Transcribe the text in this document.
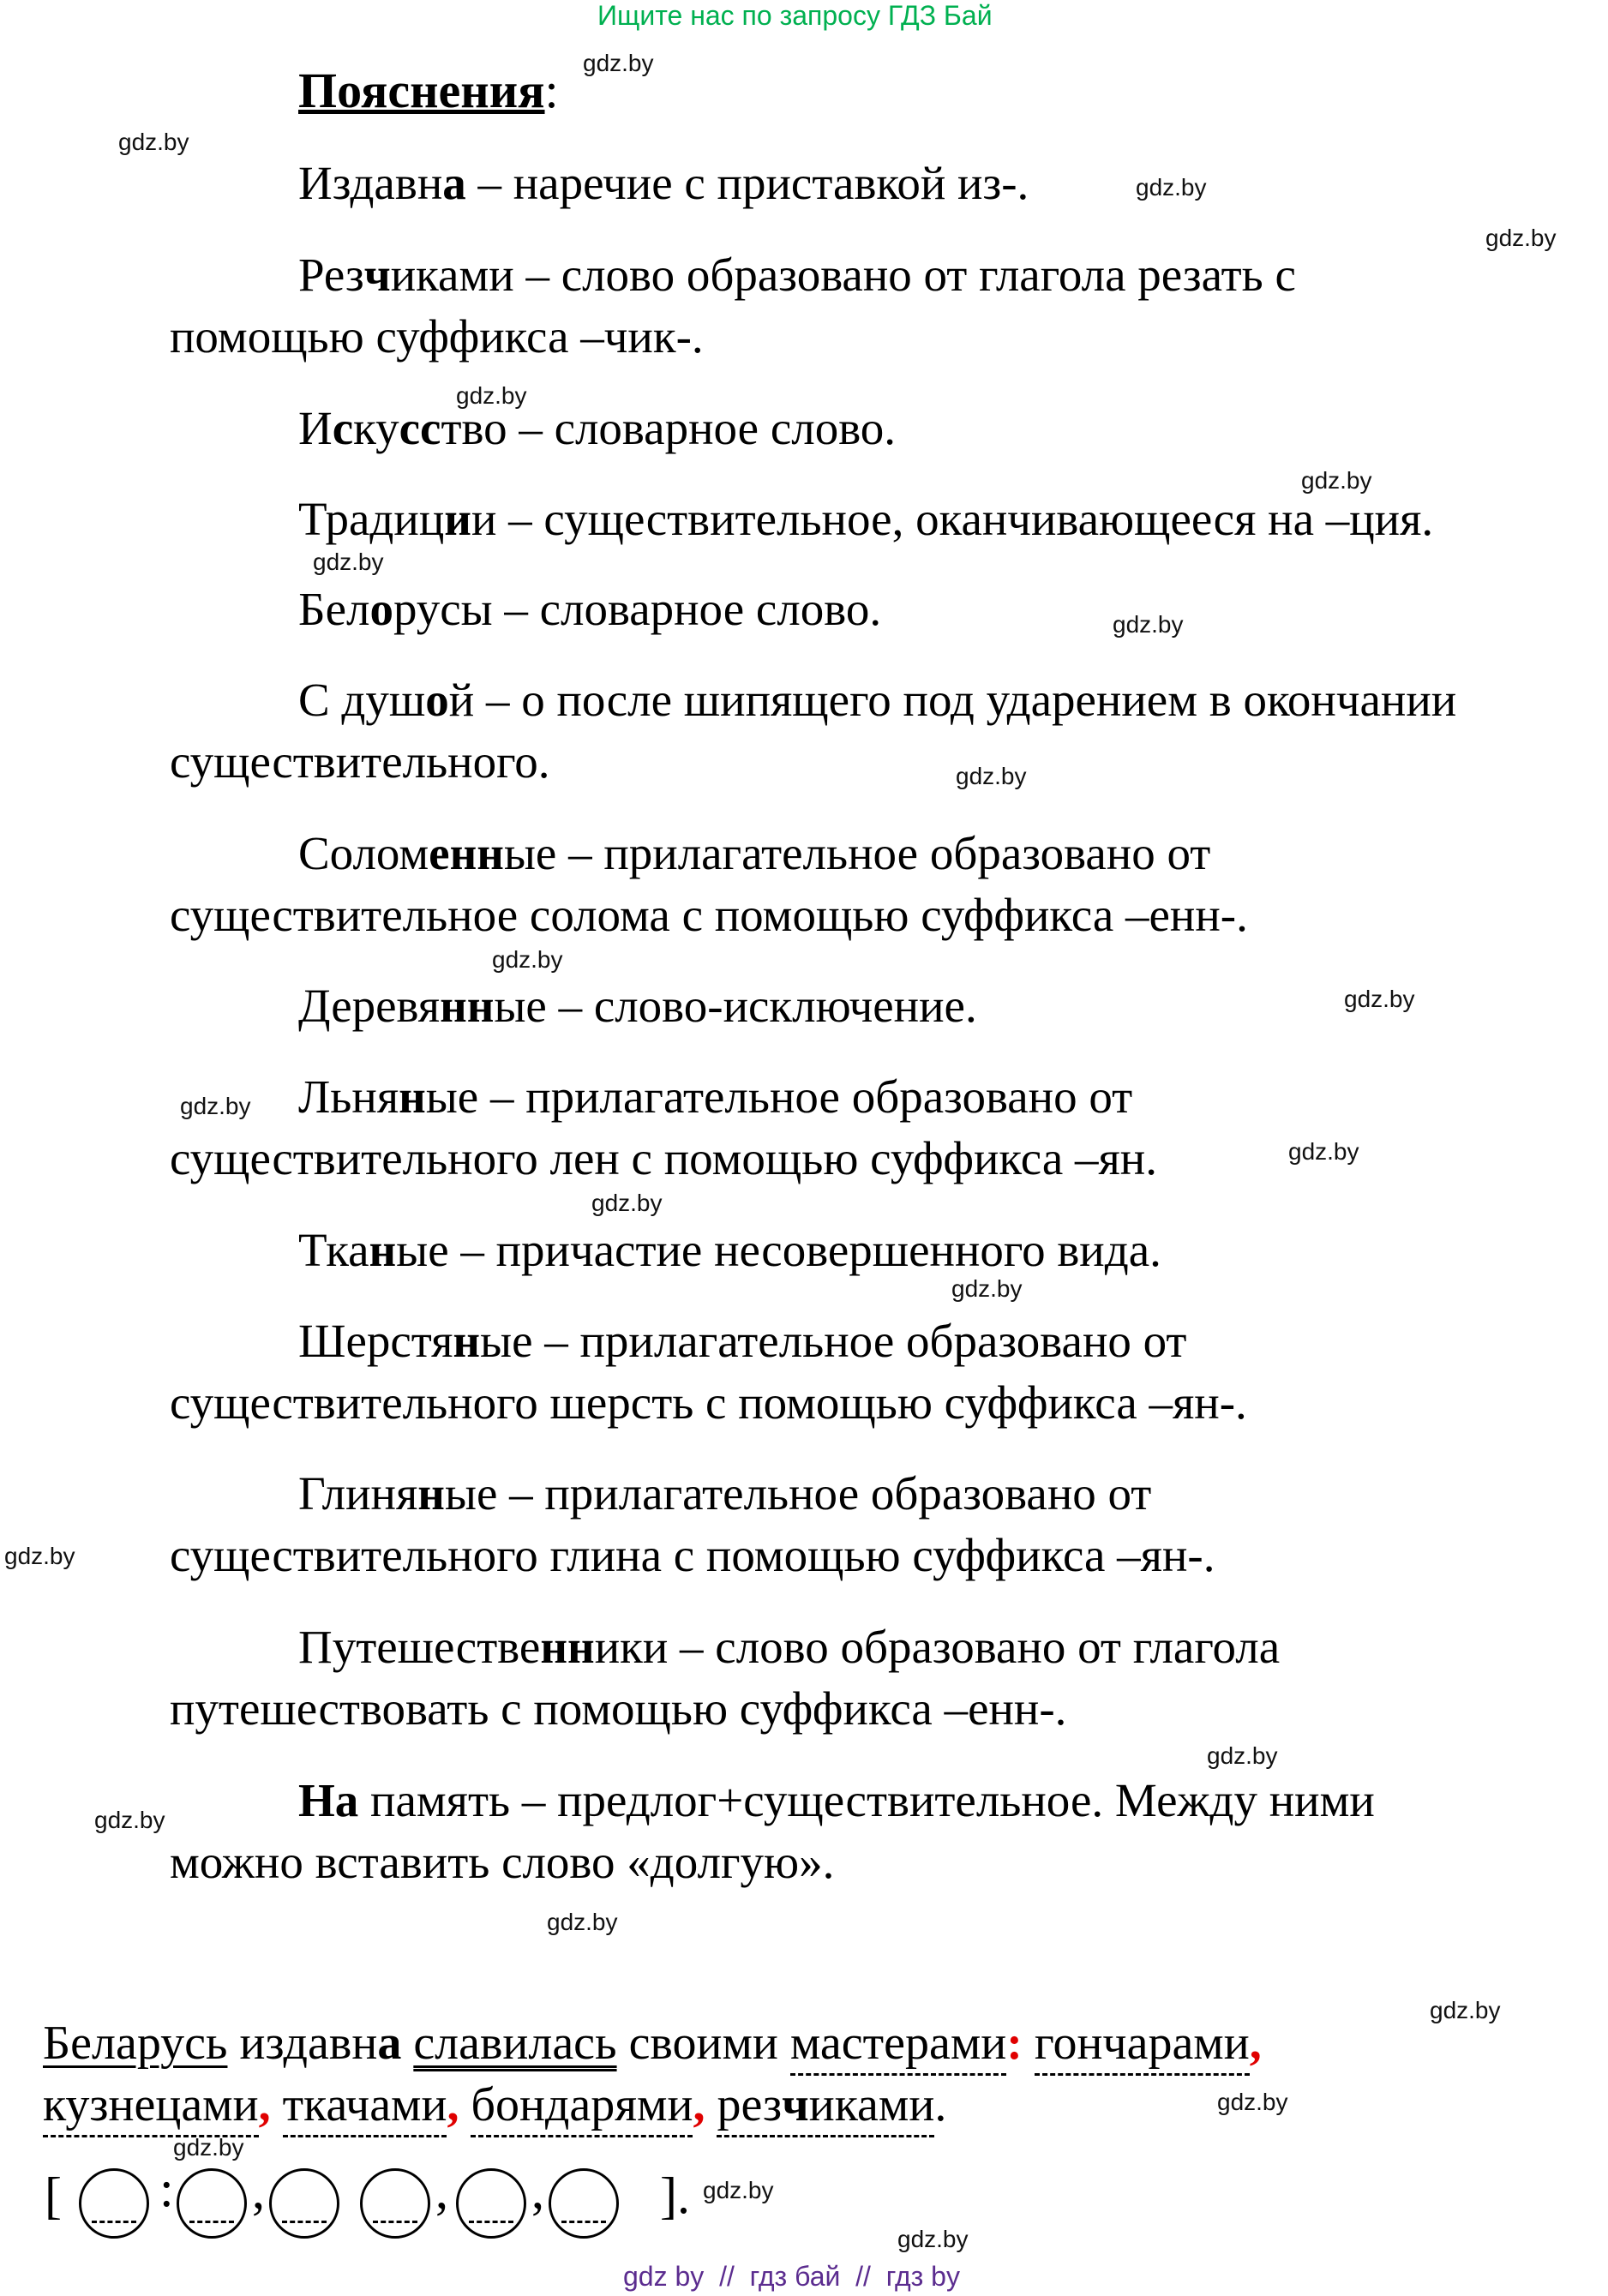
Ищите нас по запросу ГДЗ Бай
Пояснения:
Издавна – наречие с приставкой из-.
Резчиками – слово образовано от глагола резать с
помощью суффикса –чик-.
Искусство – словарное слово.
Традиции – существительное, оканчивающееся на –ция.
Белорусы – словарное слово.
С душой – о после шипящего под ударением в окончании
существительного.
Соломенные – прилагательное образовано от
существительное солома с помощью суффикса –енн-.
Деревянные – слово-исключение.
Льняные – прилагательное образовано от
существительного лен с помощью суффикса –ян.
Тканые – причастие несовершенного вида.
Шерстяные – прилагательное образовано от
существительного шерсть с помощью суффикса –ян-.
Глиняные – прилагательное образовано от
существительного глина с помощью суффикса –ян-.
Путешественники – слово образовано от глагола
путешествовать с помощью суффикса –енн-.
На память – предлог+существительное. Между ними
можно вставить слово «долгую».
Беларусь издавна славилась своими мастерами: гончарами,
кузнецами, ткачами, бондарями, резчиками.
[ : ,	, , ] .
gdz.by
gdz.by
gdz.by
gdz.by
gdz.by
gdz.by
gdz.by
gdz.by
gdz.by
gdz.by
gdz.by
gdz.by
gdz.by
gdz.by
gdz.by
gdz.by
gdz.by
gdz.by
gdz.by
gdz.by
gdz.by
gdz.by
gdz.by
gdz.by
gdz by  //  гдз бай  //  гдз by
